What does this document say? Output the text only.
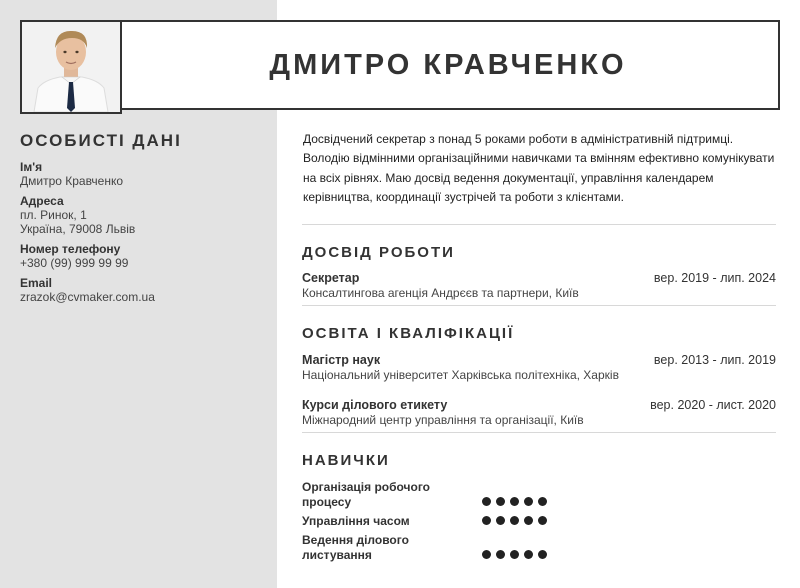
ДМИТРО КРАВЧЕНКО
ОСОБИСТІ ДАНІ
Ім'я
Дмитро Кравченко
Адреса
пл. Ринок, 1
Україна, 79008 Львів
Номер телефону
+380 (99) 999 99 99
Email
zrazok@cvmaker.com.ua

Досвідчений секретар з понад 5 роками роботи в адміністративній підтримці. Володію відмінними організаційними навичками та вмінням ефективно комунікувати на всіх рівнях. Маю досвід ведення документації, управління календарем керівництва, координації зустрічей та роботи з клієнтами.

ДОСВІД РОБОТИ
Секретар
Консалтингова агенція Андрєєв та партнери, Київ
вер. 2019 - лип. 2024
ОСВІТА І КВАЛІФІКАЦІЇ
Магістр наук
Національний університет Харківська політехніка, Харків
вер. 2013 - лип. 2019
Курси ділового етикету
Міжнародний центр управління та організації, Київ
вер. 2020 - лист. 2020
НАВИЧКИ
Організація робочого процесу
Управління часом
Ведення ділового листування
